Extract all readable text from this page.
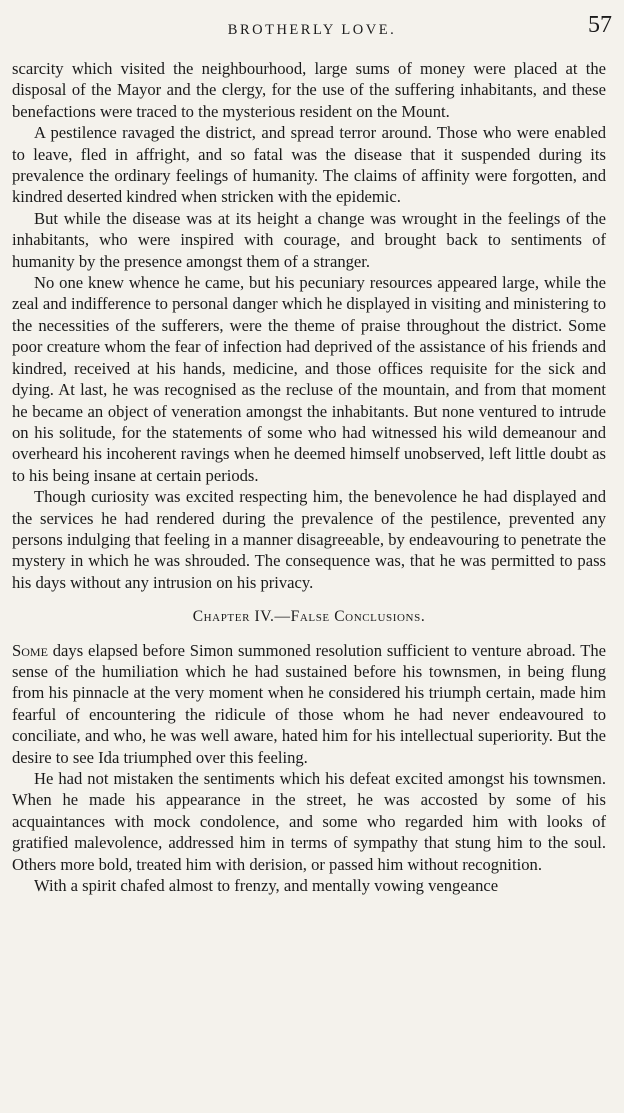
BROTHERLY LOVE.	57

scarcity which visited the neighbourhood, large sums of money were placed at the disposal of the Mayor and the clergy, for the use of the suffering inhabitants, and these benefactions were traced to the mysterious resident on the Mount.

A pestilence ravaged the district, and spread terror around. Those who were enabled to leave, fled in affright, and so fatal was the disease that it suspended during its prevalence the ordinary feelings of humanity. The claims of affinity were forgotten, and kindred deserted kindred when stricken with the epidemic.

But while the disease was at its height a change was wrought in the feelings of the inhabitants, who were inspired with courage, and brought back to sentiments of humanity by the presence amongst them of a stranger.

No one knew whence he came, but his pecuniary resources appeared large, while the zeal and indifference to personal danger which he displayed in visiting and ministering to the necessities of the sufferers, were the theme of praise throughout the district. Some poor creature whom the fear of infection had deprived of the assistance of his friends and kindred, received at his hands, medicine, and those offices requisite for the sick and dying. At last, he was recognised as the recluse of the mountain, and from that moment he became an object of veneration amongst the inhabitants. But none ventured to intrude on his solitude, for the statements of some who had witnessed his wild demeanour and overheard his incoherent ravings when he deemed himself unobserved, left little doubt as to his being insane at certain periods.

Though curiosity was excited respecting him, the benevolence he had displayed and the services he had rendered during the prevalence of the pestilence, prevented any persons indulging that feeling in a manner disagreeable, by endeavouring to penetrate the mystery in which he was shrouded. The consequence was, that he was permitted to pass his days without any intrusion on his privacy.

Chapter IV.—False Conclusions.

Some days elapsed before Simon summoned resolution sufficient to venture abroad. The sense of the humiliation which he had sustained before his townsmen, in being flung from his pinnacle at the very moment when he considered his triumph certain, made him fearful of encountering the ridicule of those whom he had never endeavoured to conciliate, and who, he was well aware, hated him for his intellectual superiority. But the desire to see Ida triumphed over this feeling.

He had not mistaken the sentiments which his defeat excited amongst his townsmen. When he made his appearance in the street, he was accosted by some of his acquaintances with mock condolence, and some who regarded him with looks of gratified malevolence, addressed him in terms of sympathy that stung him to the soul. Others more bold, treated him with derision, or passed him without recognition.

With a spirit chafed almost to frenzy, and mentally vowing vengeance
